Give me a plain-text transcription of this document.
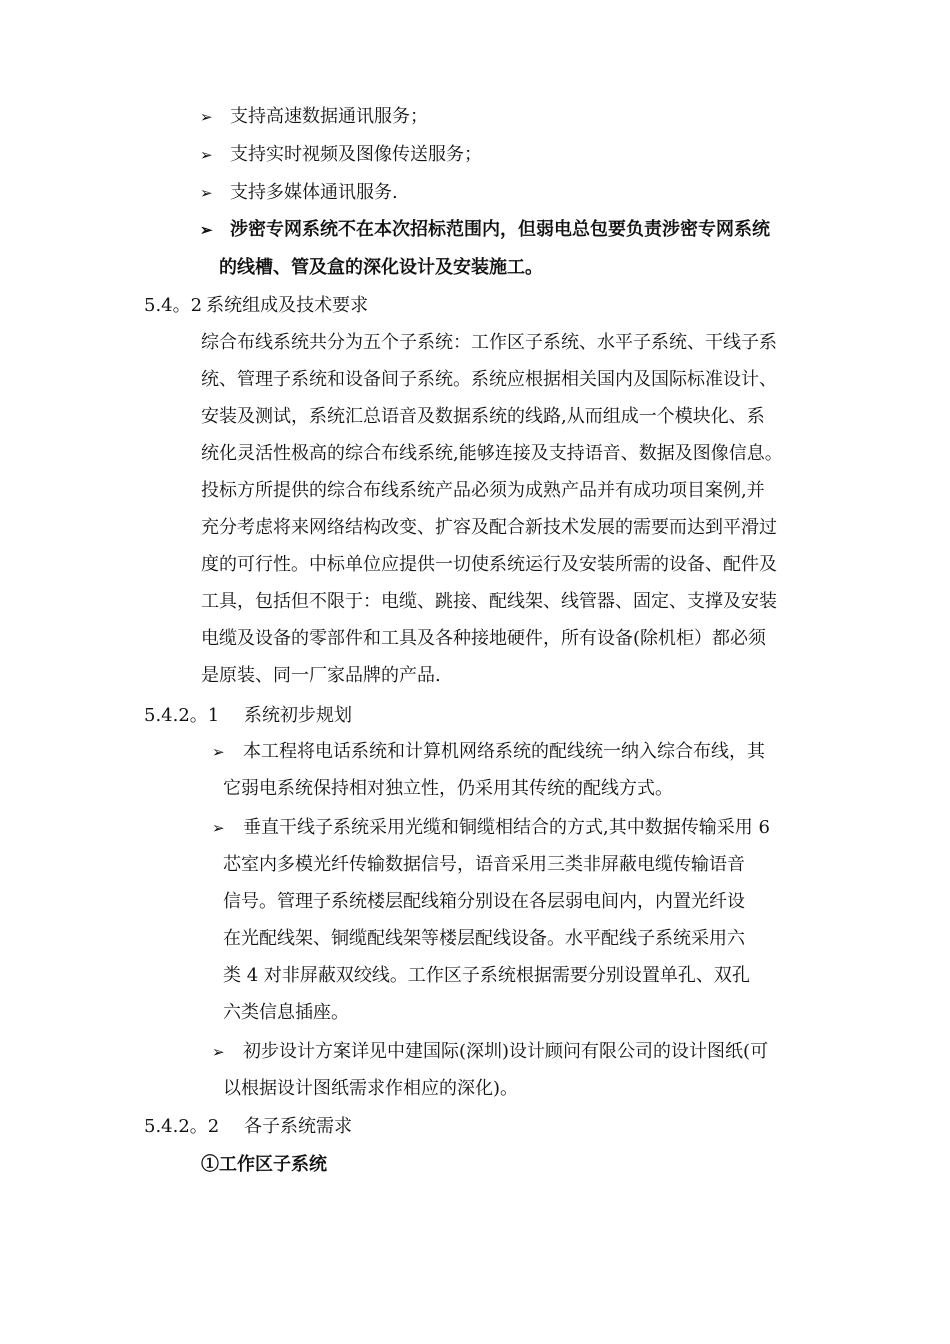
➢ 支持高速数据通讯服务；
➢ 支持实时视频及图像传送服务；
➢ 支持多媒体通讯服务.
➢ 涉密专网系统不在本次招标范围内，但弱电总包要负责涉密专网系统
的线槽、管及盒的深化设计及安装施工。
5.4。2 系统组成及技术要求
综合布线系统共分为五个子系统：工作区子系统、水平子系统、干线子系
统、管理子系统和设备间子系统。系统应根据相关国内及国际标准设计、
安装及测试，系统汇总语音及数据系统的线路,从而组成一个模块化、系
统化灵活性极高的综合布线系统,能够连接及支持语音、数据及图像信息。
投标方所提供的综合布线系统产品必须为成熟产品并有成功项目案例,并
充分考虑将来网络结构改变、扩容及配合新技术发展的需要而达到平滑过
度的可行性。中标单位应提供一切使系统运行及安装所需的设备、配件及
工具，包括但不限于：电缆、跳接、配线架、线管器、固定、支撑及安装
电缆及设备的零部件和工具及各种接地硬件，所有设备(除机柜）都必须
是原装、同一厂家品牌的产品.
5.4.2。1 系统初步规划
➢ 本工程将电话系统和计算机网络系统的配线统一纳入综合布线，其
它弱电系统保持相对独立性，仍采用其传统的配线方式。
➢ 垂直干线子系统采用光缆和铜缆相结合的方式,其中数据传输采用 6
芯室内多模光纤传输数据信号，语音采用三类非屏蔽电缆传输语音
信号。管理子系统楼层配线箱分别设在各层弱电间内，内置光纤设
在光配线架、铜缆配线架等楼层配线设备。水平配线子系统采用六
类 4 对非屏蔽双绞线。工作区子系统根据需要分别设置单孔、双孔
六类信息插座。
➢ 初步设计方案详见中建国际(深圳)设计顾问有限公司的设计图纸(可
以根据设计图纸需求作相应的深化)。
5.4.2。2 各子系统需求
①工作区子系统
